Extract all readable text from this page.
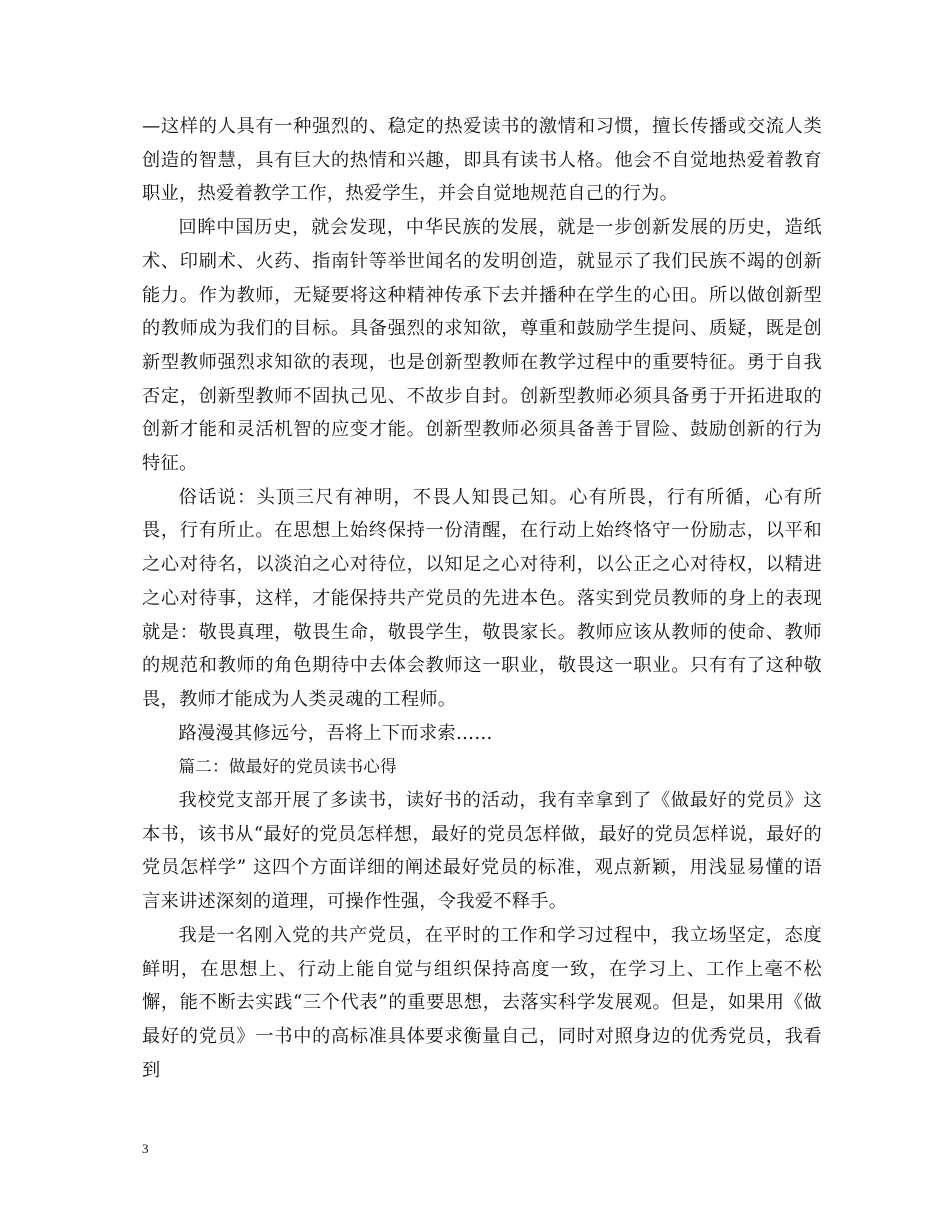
—这样的人具有一种强烈的、稳定的热爱读书的激情和习惯，擅长传播或交流人类创造的智慧，具有巨大的热情和兴趣，即具有读书人格。他会不自觉地热爱着教育职业，热爱着教学工作，热爱学生，并会自觉地规范自己的行为。

回眸中国历史，就会发现，中华民族的发展，就是一步创新发展的历史，造纸术、印刷术、火药、指南针等举世闻名的发明创造，就显示了我们民族不竭的创新能力。作为教师，无疑要将这种精神传承下去并播种在学生的心田。所以做创新型的教师成为我们的目标。具备强烈的求知欲，尊重和鼓励学生提问、质疑，既是创新型教师强烈求知欲的表现，也是创新型教师在教学过程中的重要特征。勇于自我否定，创新型教师不固执己见、不故步自封。创新型教师必须具备勇于开拓进取的创新才能和灵活机智的应变才能。创新型教师必须具备善于冒险、鼓励创新的行为特征。

俗话说：头顶三尺有神明，不畏人知畏己知。心有所畏，行有所循，心有所畏，行有所止。在思想上始终保持一份清醒，在行动上始终恪守一份励志，以平和之心对待名，以淡泊之心对待位，以知足之心对待利，以公正之心对待权，以精进之心对待事，这样，才能保持共产党员的先进本色。落实到党员教师的身上的表现就是：敬畏真理，敬畏生命，敬畏学生，敬畏家长。教师应该从教师的使命、教师的规范和教师的角色期待中去体会教师这一职业，敬畏这一职业。只有有了这种敬畏，教师才能成为人类灵魂的工程师。

路漫漫其修远兮，吾将上下而求索……

篇二：做最好的党员读书心得

我校党支部开展了多读书，读好书的活动，我有幸拿到了《做最好的党员》这本书，该书从“最好的党员怎样想，最好的党员怎样做，最好的党员怎样说，最好的党员怎样学” 这四个方面详细的阐述最好党员的标准，观点新颖，用浅显易懂的语言来讲述深刻的道理，可操作性强，令我爱不释手。

我是一名刚入党的共产党员，在平时的工作和学习过程中，我立场坚定，态度鲜明，在思想上、行动上能自觉与组织保持高度一致，在学习上、工作上毫不松懈，能不断去实践“三个代表”的重要思想，去落实科学发展观。但是，如果用《做最好的党员》一书中的高标准具体要求衡量自己，同时对照身边的优秀党员，我看到

3
